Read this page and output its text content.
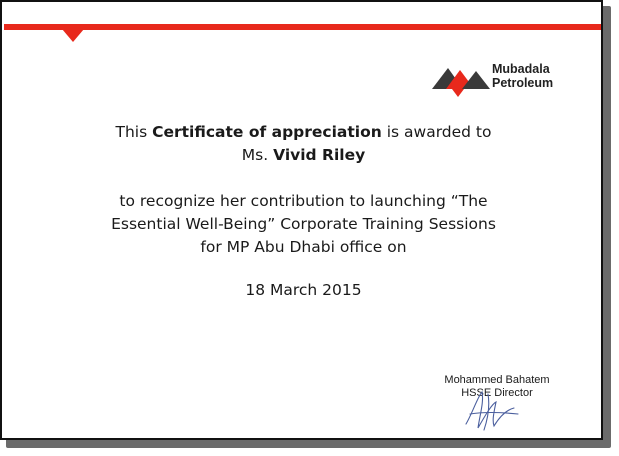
Mubadala
Petroleum

This Certificate of appreciation is awarded to

Ms. Vivid Riley

to recognize her contribution to launching “The

Essential Well-Being” Corporate Training Sessions

for MP Abu Dhabi office on

18 March 2015

Mohammed Bahatem
HSSE Director
